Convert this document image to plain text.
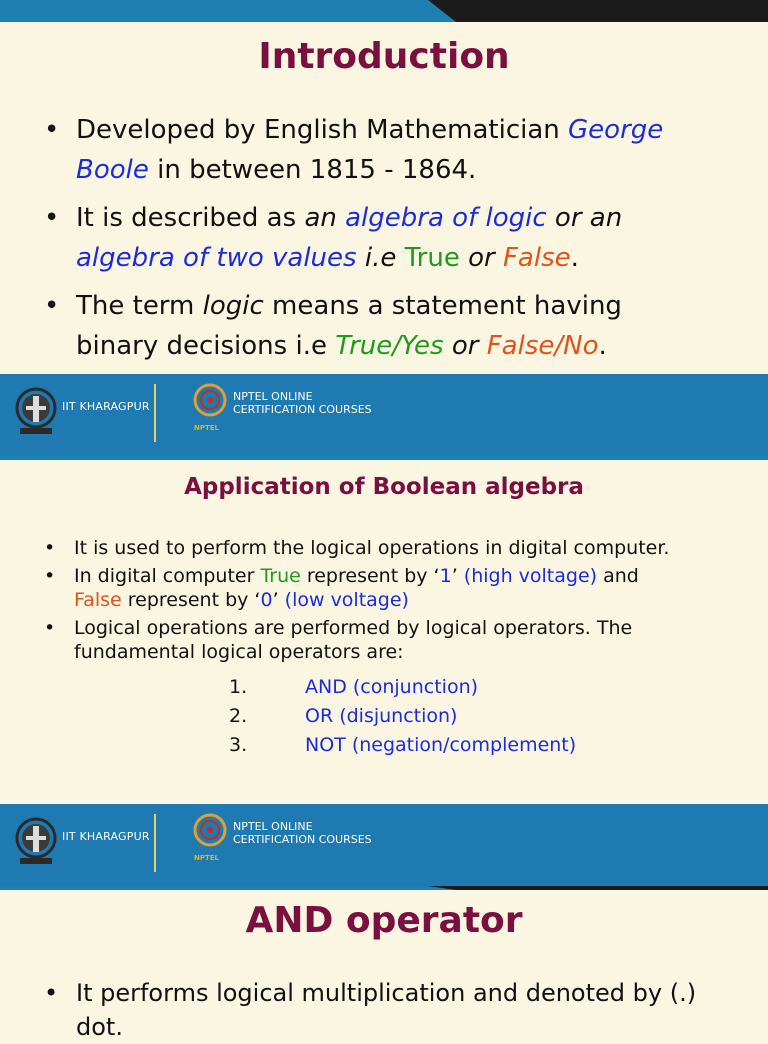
Introduction
• Developed by English Mathematician George
Boole in between 1815 - 1864.
• It is described as an algebra of logic or an
algebra of two values i.e True or False.
• The term logic means a statement having
binary decisions i.e True/Yes or False/No.
IIT KHARAGPUR
NPTEL
NPTEL ONLINE
CERTIFICATION COURSES
Application of Boolean algebra
• It is used to perform the logical operations in digital computer.
• In digital computer True represent by ‘1’ (high voltage) and
False represent by ‘0’ (low voltage)
• Logical operations are performed by logical operators. The
fundamental logical operators are:
1.	AND (conjunction)
2.	OR (disjunction)
3.	NOT (negation/complement)
IIT KHARAGPUR
NPTEL
NPTEL ONLINE
CERTIFICATION COURSES
AND operator
• It performs logical multiplication and denoted by (.)
dot.
